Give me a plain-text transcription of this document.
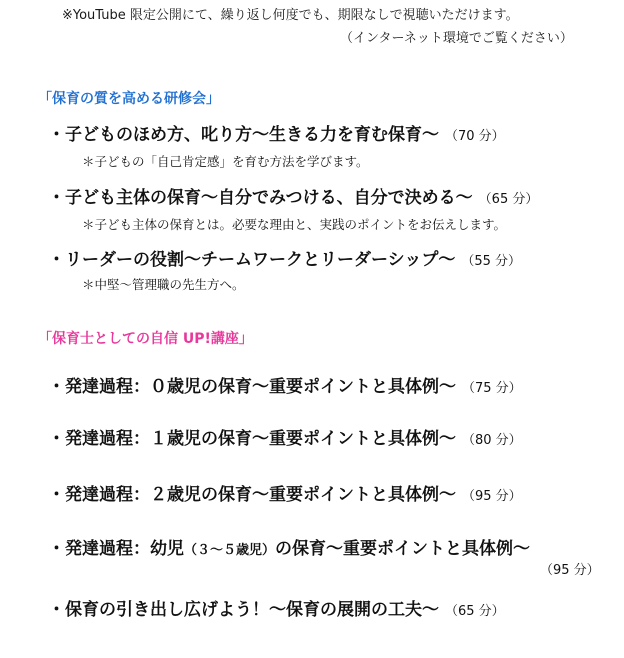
※YouTube 限定公開にて、繰り返し何度でも、期限なしで視聴いただけます。
（インターネット環境でご覧ください）
「保育の質を高める研修会」
・子どものほめ方、叱り方～生きる力を育む保育～ （70 分）
＊子どもの「自己肯定感」を育む方法を学びます。
・子ども主体の保育～自分でみつける、自分で決める～ （65 分）
＊子ども主体の保育とは。必要な理由と、実践のポイントをお伝えします。
・リーダーの役割～チームワークとリーダーシップ～ （55 分）
＊中堅～管理職の先生方へ。
「保育士としての自信 UP!講座」
・発達過程：０歳児の保育～重要ポイントと具体例～ （75 分）
・発達過程：１歳児の保育～重要ポイントと具体例～ （80 分）
・発達過程：２歳児の保育～重要ポイントと具体例～ （95 分）
・発達過程：幼児（３～５歳児）の保育～重要ポイントと具体例～
（95 分）
・保育の引き出し広げよう！～保育の展開の工夫～ （65 分）
